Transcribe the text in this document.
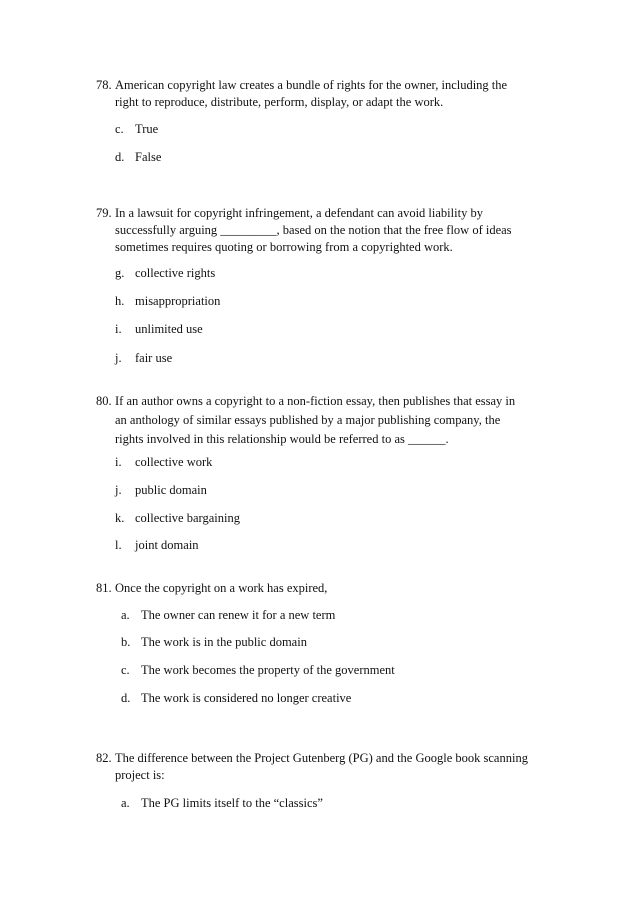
78. American copyright law creates a bundle of rights for the owner, including the
right to reproduce, distribute, perform, display, or adapt the work.
c. True
d. False
79. In a lawsuit for copyright infringement, a defendant can avoid liability by
successfully arguing _________, based on the notion that the free flow of ideas
sometimes requires quoting or borrowing from a copyrighted work.
g. collective rights
h. misappropriation
i. unlimited use
j. fair use
80. If an author owns a copyright to a non-fiction essay, then publishes that essay in
an anthology of similar essays published by a major publishing company, the
rights involved in this relationship would be referred to as ______.
i. collective work
j. public domain
k. collective bargaining
l. joint domain
81. Once the copyright on a work has expired,
a. The owner can renew it for a new term
b. The work is in the public domain
c. The work becomes the property of the government
d. The work is considered no longer creative
82. The difference between the Project Gutenberg (PG) and the Google book scanning
project is:
a. The PG limits itself to the “classics”
